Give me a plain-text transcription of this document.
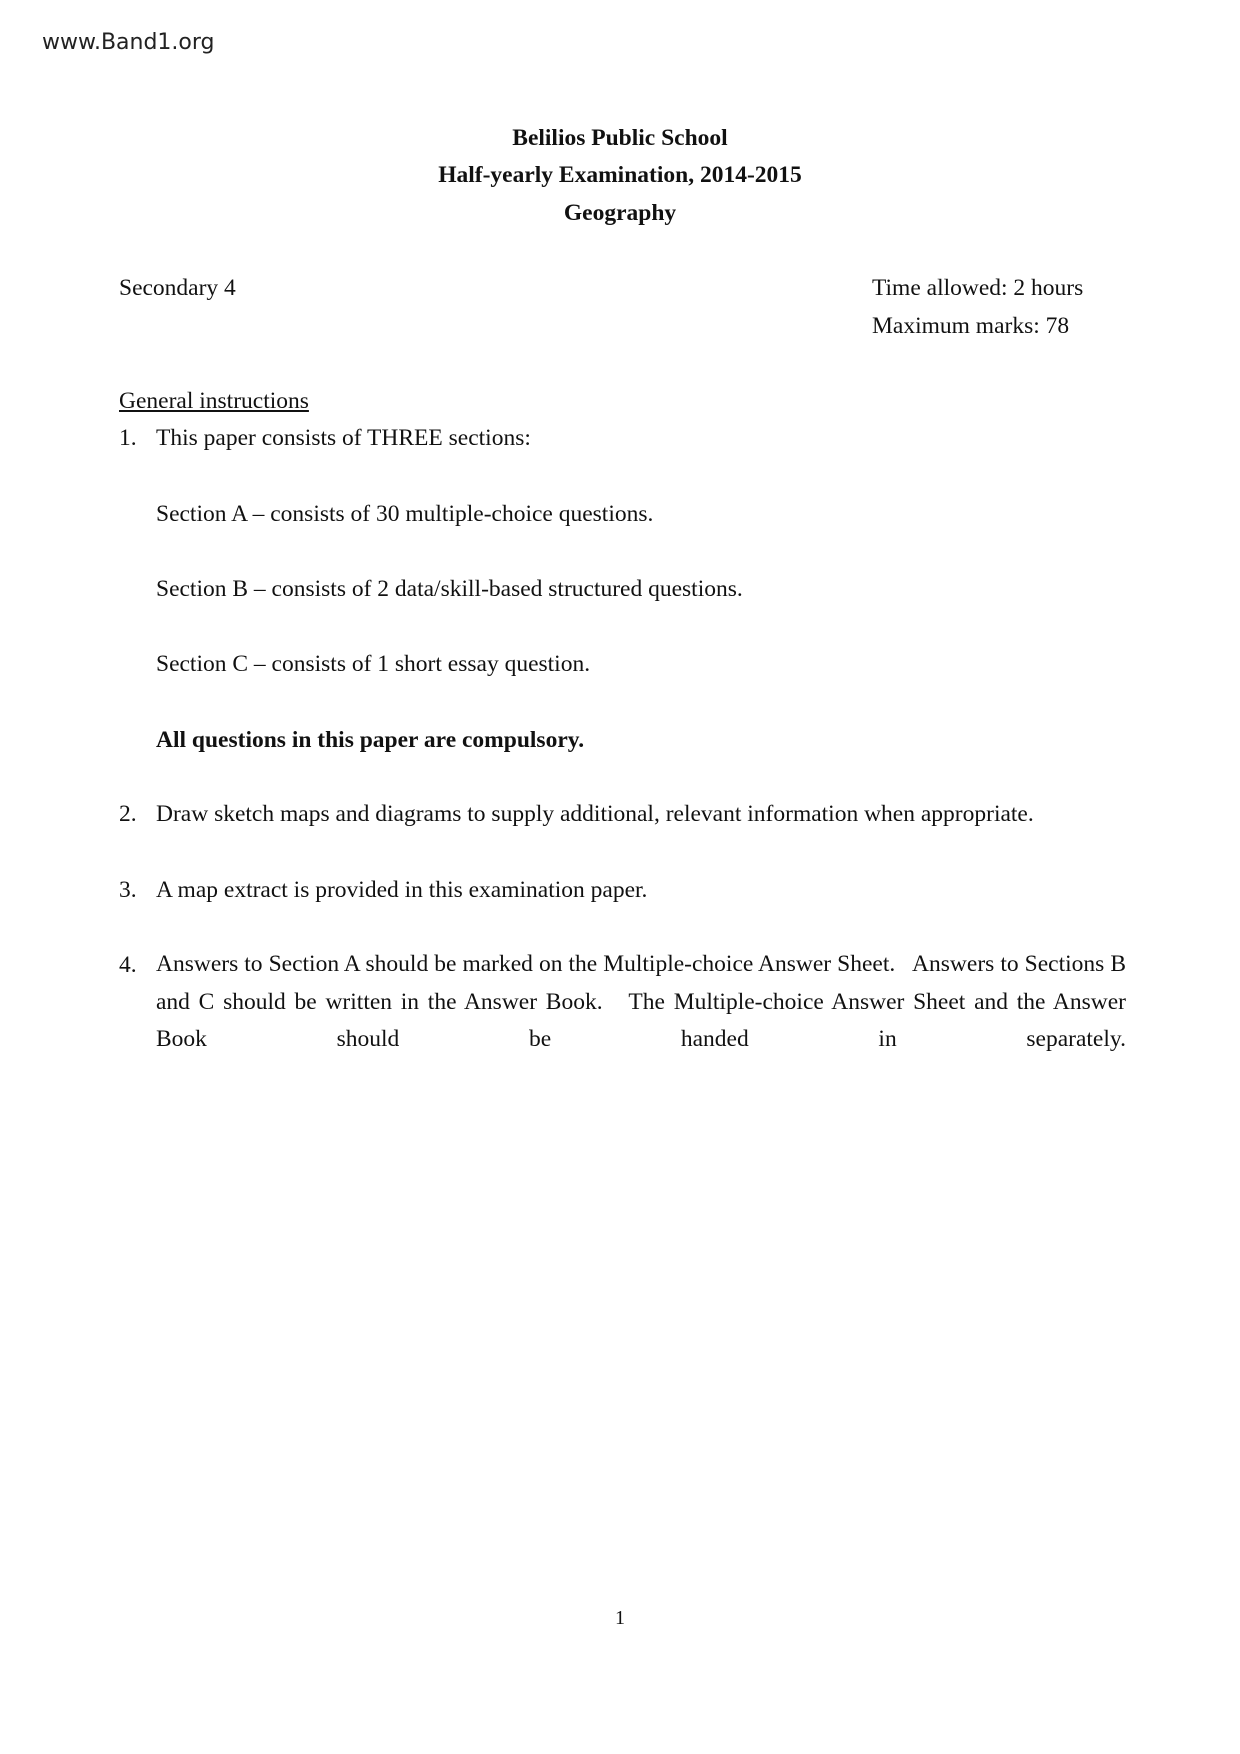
www.Band1.org
Belilios Public School
Half-yearly Examination, 2014-2015
Geography
Secondary 4	Time allowed: 2 hours
Maximum marks: 78
General instructions
1. This paper consists of THREE sections:
Section A – consists of 30 multiple-choice questions.
Section B – consists of 2 data/skill-based structured questions.
Section C – consists of 1 short essay question.
All questions in this paper are compulsory.
2. Draw sketch maps and diagrams to supply additional, relevant information when appropriate.
3. A map extract is provided in this examination paper.
4. Answers to Section A should be marked on the Multiple-choice Answer Sheet.   Answers to Sections B and C should be written in the Answer Book.   The Multiple-choice Answer Sheet and the Answer Book should be handed in separately.
1
